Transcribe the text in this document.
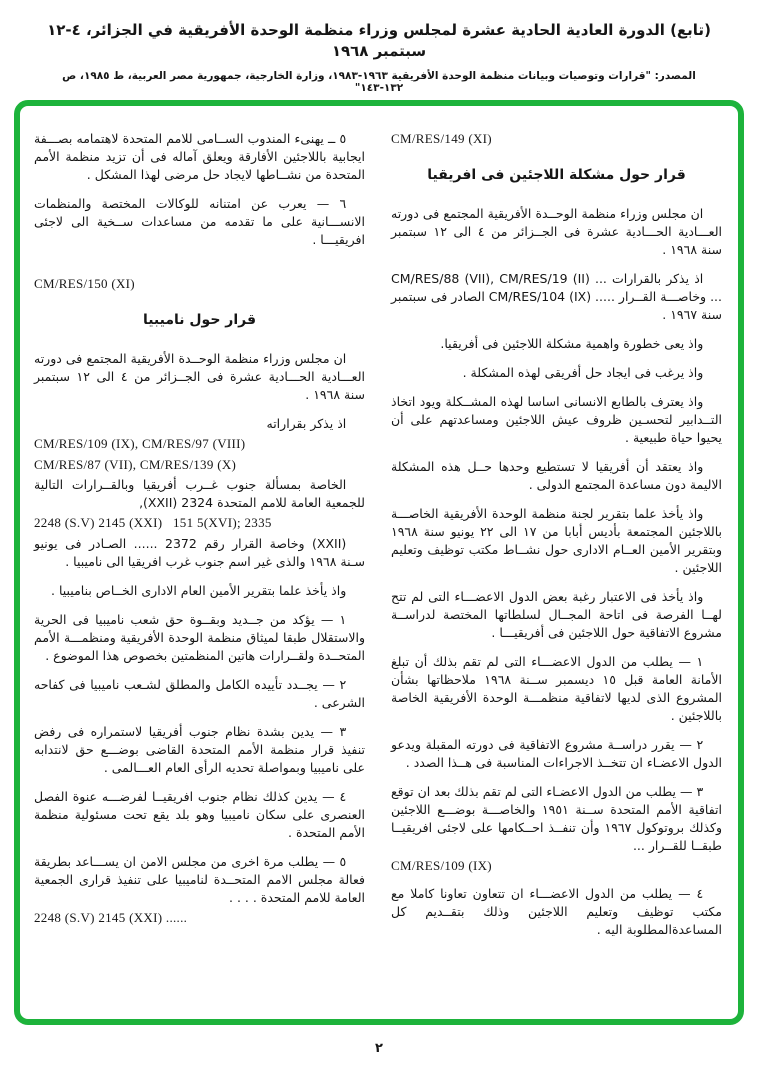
(تابع) الدورة العادية الحادية عشرة لمجلس وزراء منظمة الوحدة الأفريقية في الجزائر، ٤-١٢ سبتمبر ١٩٦٨
المصدر: "قرارات وتوصيات وبيانات منظمة الوحدة الأفريقية ١٩٦٣-١٩٨٣، وزارة الخارجية، جمهورية مصر العربية، ط ١٩٨٥، ص ١٣٢-١٤٣"
CM/RES/149 (XI)
قرار حول مشكلة اللاجئين فى افريقيا

ان مجلس وزراء منظمة الوحــدة الأفريقية المجتمع فى دورته العـــادية الحـــادية عشرة فى الجــزائر من ٤ الى ١٢ سبتمبر سنة ١٩٦٨ .

اذ يذكر بالقرارات ... CM/RES/88 (VII), CM/RES/19 (II) ... وخاصـــة القــرار ..... CM/RES/104 (IX) الصادر فى سبتمبر سنة ١٩٦٧ .

واذ يعى خطورة واهمية مشكلة اللاجئين فى أفريقيا.

واذ يرغب فى ايجاد حل أفريقى لهذه المشكلة .

واذ يعترف بالطابع الانسانى اساسا لهذه المشــكلة ويود اتخاذ التــدابير لتحسـين ظروف عيش اللاجئين ومساعدتهم على أن يحيوا حياة طبيعية .

واذ يعتقد أن أفريقيا لا تستطيع وحدها حــل هذه المشكلة الاليمة دون مساعدة المجتمع الدولى .

واذ يأخذ علما بتقرير لجنة منظمة الوحدة الأفريقية الخاصـــة باللاجئين المجتمعة بأديس أبابا من ١٧ الى ٢٢ يونيو سنة ١٩٦٨ وبتقرير الأمين العــام الادارى حول نشــاط مكتب توظيف وتعليم اللاجئين .

واذ يأخذ فى الاعتبار رغبة بعض الدول الاعضـــاء التى لم تتح لهــا الفرصة فى اتاحة المجــال لسلطاتها المختصة لدراســة مشروع الاتفاقية حول اللاجئين فى أفريقيـــا .

١ — يطلب من الدول الاعضـــاء التى لم تقم بذلك أن تبلغ الأمانة العامة قبل ١٥ ديسمبر ســنة ١٩٦٨ ملاحظاتها بشأن المشروع الذى لديها لاتفاقية منظمـــة الوحدة الأفريقية الخاصة باللاجئين .

٢ — يقرر دراســة مشروع الاتفاقية فى دورته المقبلة ويدعو الدول الاعضـاء ان تتخــذ الاجراءات المناسبة فى هــذا الصدد .

٣ — يطلب من الدول الاعضـاء التى لم تقم بذلك بعد ان توقع اتفاقية الأمم المتحدة ســنة ١٩٥١ والخاصـــة بوضـــع اللاجئين وكذلك بروتوكول ١٩٦٧ وأن تنفــذ احــكامها على لاجئى افريقيــا طبقــا للقــرار ...

CM/RES/109 (IX)

٤ — يطلب من الدول الاعضـــاء ان تتعاون تعاونا كاملا مع مكتب توظيف وتعليم اللاجئين وذلك بتقــديم كل المساعدةالمطلوبة اليه .

٥ ــ يهنىء المندوب الســامى للامم المتحدة لاهتمامه بصـــفة ايجابية باللاجئين الأفارقة ويعلق آماله فى أن تزيد منظمة الأمم المتحدة من نشــاطها لايجاد حل مرضى لهذا المشكل .

٦ — يعرب عن امتنانه للوكالات المختصة والمنظمات الانســـانية على ما تقدمه من مساعدات ســخية الى لاجئى افريقيـــا .

CM/RES/150 (XI)
قرار حول ناميبيا

ان مجلس وزراء منظمة الوحــدة الأفريقية المجتمع فى دورته العـــادية الحـــادية عشرة فى الجــزائر من ٤ الى ١٢ سبتمبر سنة ١٩٦٨ .

اذ يذكر بقراراته

CM/RES/109 (IX), CM/RES/97 (VIII)

CM/RES/87 (VII), CM/RES/139 (X)

الخاصة بمسألة جنوب غــرب أفريقيا وبالقــرارات التالية للجمعية العامة للامم المتحدة 2324 (XXII),

2248 (S.V) 2145 (XXI)   151 5(XVI); 2335

(XXII) وخاصة القرار رقم 2372 ...... الصـادر فى يونيو سـنة ١٩٦٨ والذى غير اسم جنوب غرب افريقيا الى ناميبيا .

واذ يأخذ علما بتقرير الأمين العام الادارى الخــاص بناميبيا .

١ — يؤكد من جــديد وبقــوة حق شعب ناميبيا فى الحرية والاستقلال طبقا لميثاق منظمة الوحدة الأفريقية ومنظمـــة الأمم المتحــدة ولقــرارات هاتين المنظمتين بخصوص هذا الموضوع .

٢ — يجــدد تأييده الكامل والمطلق لشـعب ناميبيا فى كفاحه الشرعى .

٣ — يدين بشدة نظام جنوب أفريقيا لاستمراره فى رفض تنفيذ قرار منظمة الأمم المتحدة القاضى بوضـــع حق لانتدابه على ناميبيا وبمواصلة تحديه الرأى العام العـــالمى .

٤ — يدين كذلك نظام جنوب افريقيــا لفرضـــه عنوة الفصل العنصرى على سكان ناميبيا وهو بلد يقع تحت مسئولية منظمة الأمم المتحدة .

٥ — يطلب مرة اخرى من مجلس الامن ان يســـاعد بطريقة فعالة مجلس الامم المتحــدة لناميبيا على تنفيذ قرارى الجمعية العامة للامم المتحدة . . . .

2248 (S.V) 2145 (XXI) ......

٢
